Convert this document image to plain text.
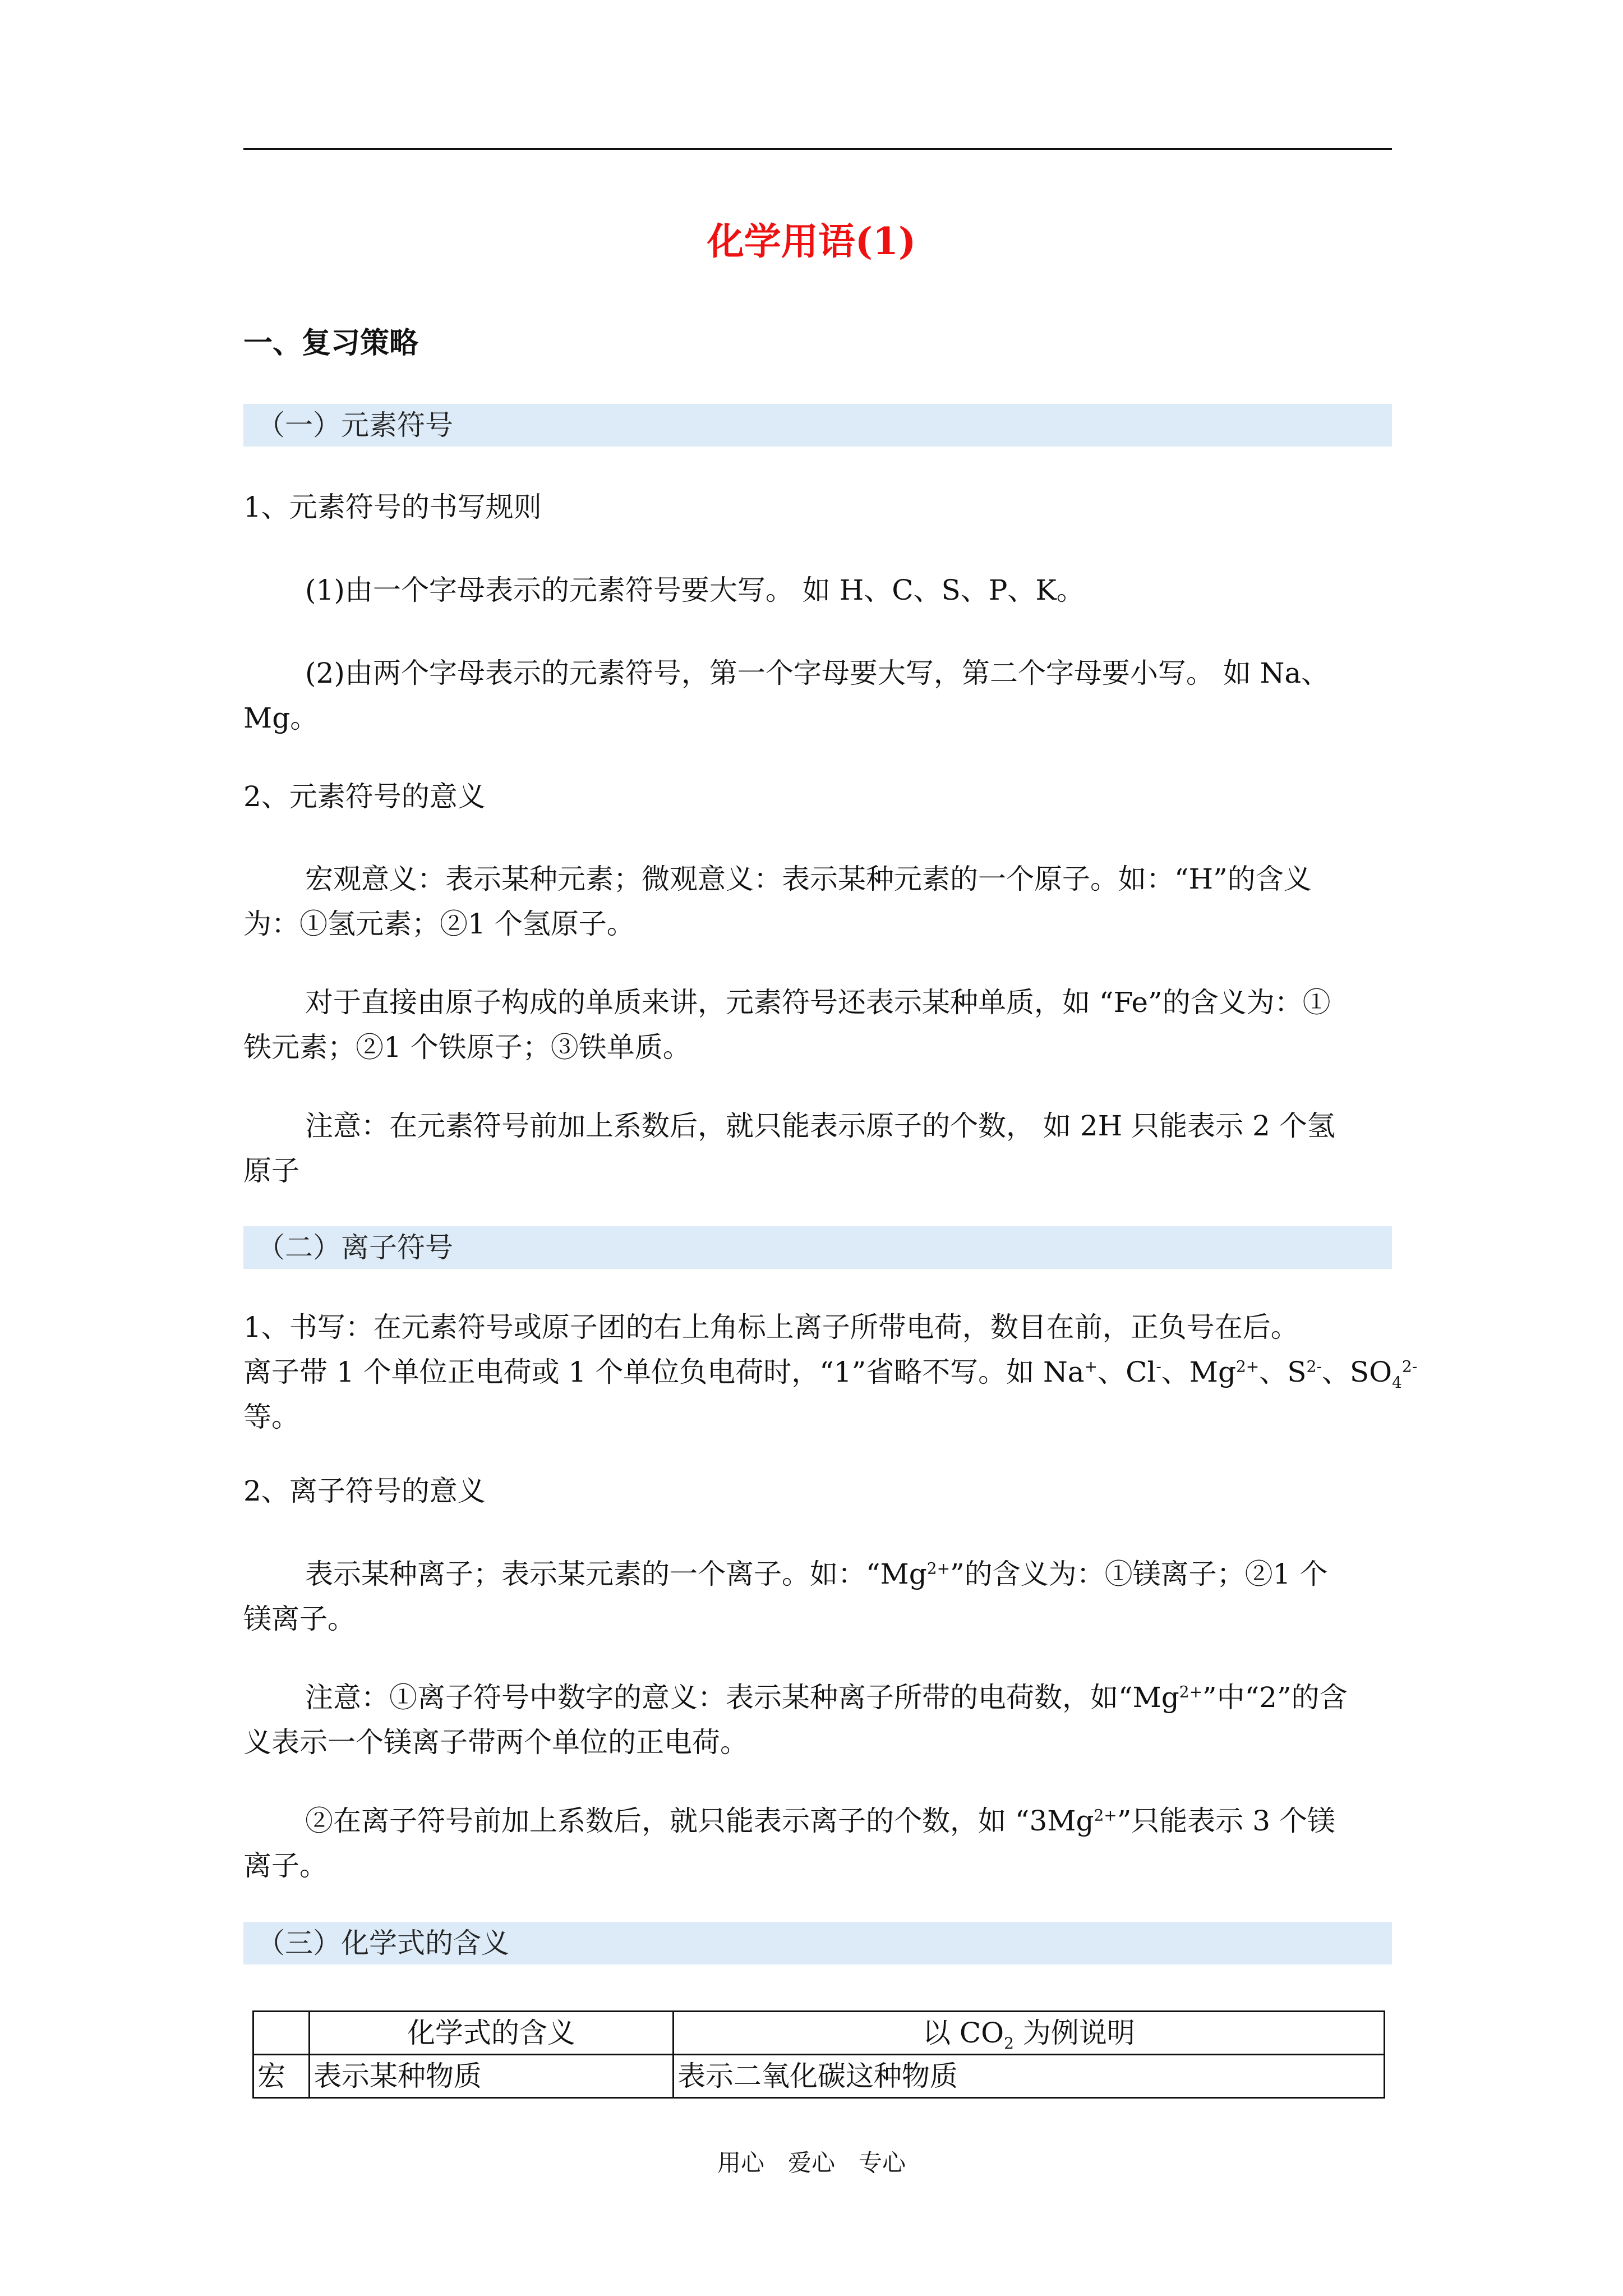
化学用语(1)
一、复习策略
（一）元素符号
1、元素符号的书写规则
(1)由一个字母表示的元素符号要大写。 如 H、C、S、P、K。
(2)由两个字母表示的元素符号，第一个字母要大写，第二个字母要小写。 如 Na、
Mg。
2、元素符号的意义
宏观意义：表示某种元素；微观意义：表示某种元素的一个原子。如：“H”的含义
为：①氢元素；②1 个氢原子。
对于直接由原子构成的单质来讲，元素符号还表示某种单质，如 “Fe”的含义为：①
铁元素；②1 个铁原子；③铁单质。
注意：在元素符号前加上系数后，就只能表示原子的个数， 如 2H 只能表示 2 个氢
原子
（二）离子符号
1、书写：在元素符号或原子团的右上角标上离子所带电荷，数目在前，正负号在后。
离子带 1 个单位正电荷或 1 个单位负电荷时，“1”省略不写。如 Na+、Cl-、$Mg^{2+}$、$S^{2-}$、$SO_4^{2-}$
等。
2、离子符号的意义
表示某种离子；表示某元素的一个离子。如：“$Mg^{2+}$”的含义为：①镁离子；②1 个
镁离子。
注意：①离子符号中数字的意义：表示某种离子所带的电荷数，如“$Mg^{2+}$”中“2”的含
义表示一个镁离子带两个单位的正电荷。
②在离子符号前加上系数后，就只能表示离子的个数，如 “$3Mg^{2+}$”只能表示 3 个镁
离子。
（三）化学式的含义
	化学式的含义	以 $CO_2$ 为例说明
宏	表示某种物质	表示二氧化碳这种物质
用心　爱心　专心
